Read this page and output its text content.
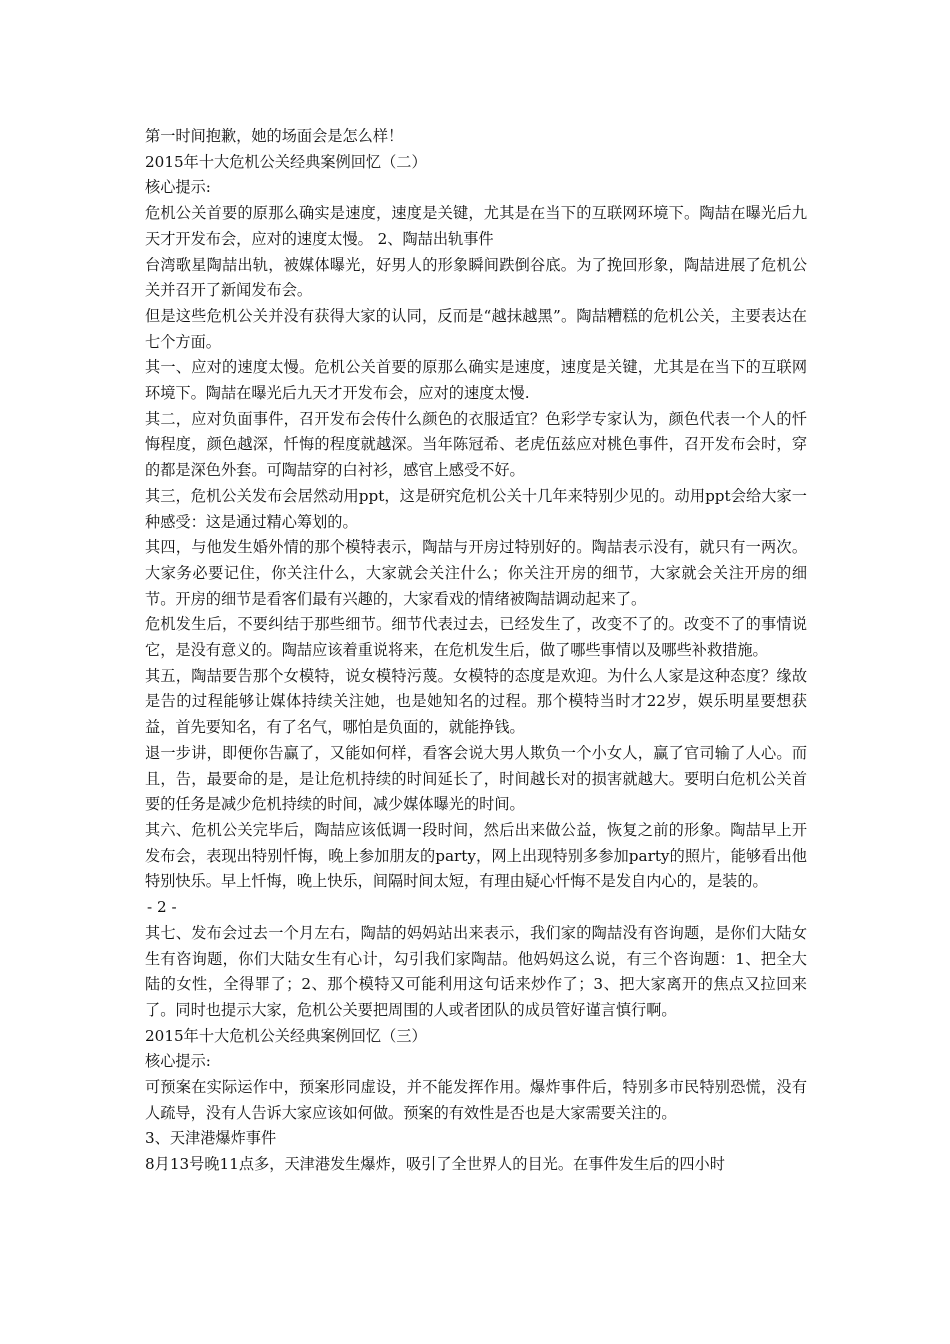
第一时间抱歉，她的场面会是怎么样！

2015年十大危机公关经典案例回忆（二）

核心提示:

危机公关首要的原那么确实是速度，速度是关键，尤其是在当下的互联网环境下。陶喆在曝光后九天才开发布会，应对的速度太慢。 2、陶喆出轨事件

台湾歌星陶喆出轨，被媒体曝光，好男人的形象瞬间跌倒谷底。为了挽回形象，陶喆进展了危机公关并召开了新闻发布会。

但是这些危机公关并没有获得大家的认同，反而是“越抹越黑”。陶喆糟糕的危机公关，主要表达在七个方面。

其一、应对的速度太慢。危机公关首要的原那么确实是速度，速度是关键，尤其是在当下的互联网环境下。陶喆在曝光后九天才开发布会，应对的速度太慢.

其二，应对负面事件，召开发布会传什么颜色的衣服适宜？色彩学专家认为，颜色代表一个人的忏悔程度，颜色越深，忏悔的程度就越深。当年陈冠希、老虎伍兹应对桃色事件，召开发布会时，穿的都是深色外套。可陶喆穿的白衬衫，感官上感受不好。

其三，危机公关发布会居然动用ppt，这是研究危机公关十几年来特别少见的。动用ppt会给大家一种感受：这是通过精心筹划的。

其四，与他发生婚外情的那个模特表示，陶喆与开房过特别好的。陶喆表示没有，就只有一两次。大家务必要记住，你关注什么，大家就会关注什么；你关注开房的细节，大家就会关注开房的细节。开房的细节是看客们最有兴趣的，大家看戏的情绪被陶喆调动起来了。

危机发生后，不要纠结于那些细节。细节代表过去，已经发生了，改变不了的。改变不了的事情说它，是没有意义的。陶喆应该着重说将来，在危机发生后，做了哪些事情以及哪些补救措施。

其五，陶喆要告那个女模特，说女模特污蔑。女模特的态度是欢迎。为什么人家是这种态度？缘故是告的过程能够让媒体持续关注她，也是她知名的过程。那个模特当时才22岁，娱乐明星要想获益，首先要知名，有了名气，哪怕是负面的，就能挣钱。

退一步讲，即便你告赢了，又能如何样，看客会说大男人欺负一个小女人，赢了官司输了人心。而且，告，最要命的是，是让危机持续的时间延长了，时间越长对的损害就越大。要明白危机公关首要的任务是减少危机持续的时间，减少媒体曝光的时间。

其六、危机公关完毕后，陶喆应该低调一段时间，然后出来做公益，恢复之前的形象。陶喆早上开发布会，表现出特别忏悔，晚上参加朋友的party，网上出现特别多参加party的照片，能够看出他特别快乐。早上忏悔，晚上快乐，间隔时间太短，有理由疑心忏悔不是发自内心的，是装的。

- 2 -

其七、发布会过去一个月左右，陶喆的妈妈站出来表示，我们家的陶喆没有咨询题，是你们大陆女生有咨询题，你们大陆女生有心计，勾引我们家陶喆。他妈妈这么说，有三个咨询题：1、把全大陆的女性，全得罪了；2、那个模特又可能利用这句话来炒作了；3、把大家离开的焦点又拉回来了。同时也提示大家，危机公关要把周围的人或者团队的成员管好谨言慎行啊。

2015年十大危机公关经典案例回忆（三）

核心提示:

可预案在实际运作中，预案形同虚设，并不能发挥作用。爆炸事件后，特别多市民特别恐慌，没有人疏导，没有人告诉大家应该如何做。预案的有效性是否也是大家需要关注的。

3、天津港爆炸事件

8月13号晚11点多，天津港发生爆炸，吸引了全世界人的目光。在事件发生后的四小时
